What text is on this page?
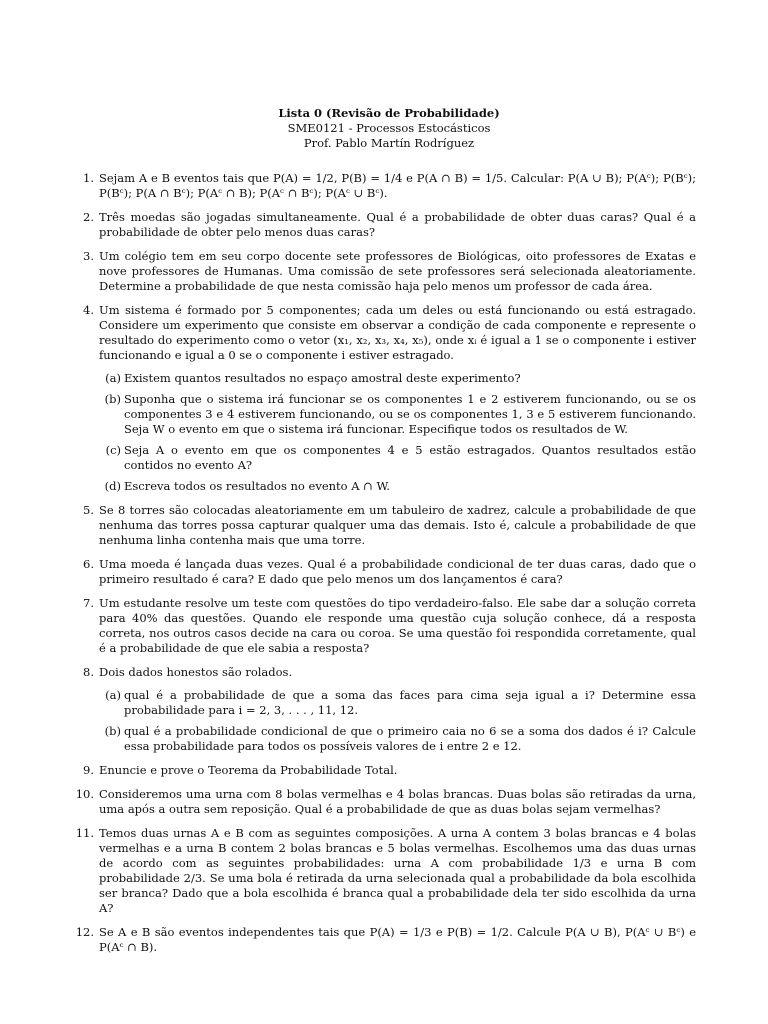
Lista 0 (Revisão de Probabilidade)
SME0121 - Processos Estocásticos
Prof. Pablo Martín Rodríguez
1. Sejam A e B eventos tais que P(A) = 1/2, P(B) = 1/4 e P(A ∩ B) = 1/5. Calcular: P(A ∪ B); P(Aᶜ); P(Bᶜ); P(Bᶜ); P(A ∩ Bᶜ); P(Aᶜ ∩ B); P(Aᶜ ∩ Bᶜ); P(Aᶜ ∪ Bᶜ).
2. Três moedas são jogadas simultaneamente. Qual é a probabilidade de obter duas caras? Qual é a probabilidade de obter pelo menos duas caras?
3. Um colégio tem em seu corpo docente sete professores de Biológicas, oito professores de Exatas e nove professores de Humanas. Uma comissão de sete professores será selecionada aleatoriamente. Determine a probabilidade de que nesta comissão haja pelo menos um professor de cada área.
4. Um sistema é formado por 5 componentes; cada um deles ou está funcionando ou está estragado. Considere um experimento que consiste em observar a condição de cada componente e represente o resultado do experimento como o vetor (x₁, x₂, x₃, x₄, x₅), onde xᵢ é igual a 1 se o componente i estiver funcionando e igual a 0 se o componente i estiver estragado.
(a) Existem quantos resultados no espaço amostral deste experimento?
(b) Suponha que o sistema irá funcionar se os componentes 1 e 2 estiverem funcionando, ou se os componentes 3 e 4 estiverem funcionando, ou se os componentes 1, 3 e 5 estiverem funcionando. Seja W o evento em que o sistema irá funcionar. Especifique todos os resultados de W.
(c) Seja A o evento em que os componentes 4 e 5 estão estragados. Quantos resultados estão contidos no evento A?
(d) Escreva todos os resultados no evento A ∩ W.
5. Se 8 torres são colocadas aleatoriamente em um tabuleiro de xadrez, calcule a probabilidade de que nenhuma das torres possa capturar qualquer uma das demais. Isto é, calcule a probabilidade de que nenhuma linha contenha mais que uma torre.
6. Uma moeda é lançada duas vezes. Qual é a probabilidade condicional de ter duas caras, dado que o primeiro resultado é cara? E dado que pelo menos um dos lançamentos é cara?
7. Um estudante resolve um teste com questões do tipo verdadeiro-falso. Ele sabe dar a solução correta para 40% das questões. Quando ele responde uma questão cuja solução conhece, dá a resposta correta, nos outros casos decide na cara ou coroa. Se uma questão foi respondida corretamente, qual é a probabilidade de que ele sabia a resposta?
8. Dois dados honestos são rolados.
(a) qual é a probabilidade de que a soma das faces para cima seja igual a i? Determine essa probabilidade para i = 2, 3, . . . , 11, 12.
(b) qual é a probabilidade condicional de que o primeiro caia no 6 se a soma dos dados é i? Calcule essa probabilidade para todos os possíveis valores de i entre 2 e 12.
9. Enuncie e prove o Teorema da Probabilidade Total.
10. Consideremos uma urna com 8 bolas vermelhas e 4 bolas brancas. Duas bolas são retiradas da urna, uma após a outra sem reposição. Qual é a probabilidade de que as duas bolas sejam vermelhas?
11. Temos duas urnas A e B com as seguintes composições. A urna A contem 3 bolas brancas e 4 bolas vermelhas e a urna B contem 2 bolas brancas e 5 bolas vermelhas. Escolhemos uma das duas urnas de acordo com as seguintes probabilidades: urna A com probabilidade 1/3 e urna B com probabilidade 2/3. Se uma bola é retirada da urna selecionada qual a probabilidade da bola escolhida ser branca? Dado que a bola escolhida é branca qual a probabilidade dela ter sido escolhida da urna A?
12. Se A e B são eventos independentes tais que P(A) = 1/3 e P(B) = 1/2. Calcule P(A ∪ B), P(Aᶜ ∪ Bᶜ) e P(Aᶜ ∩ B).
